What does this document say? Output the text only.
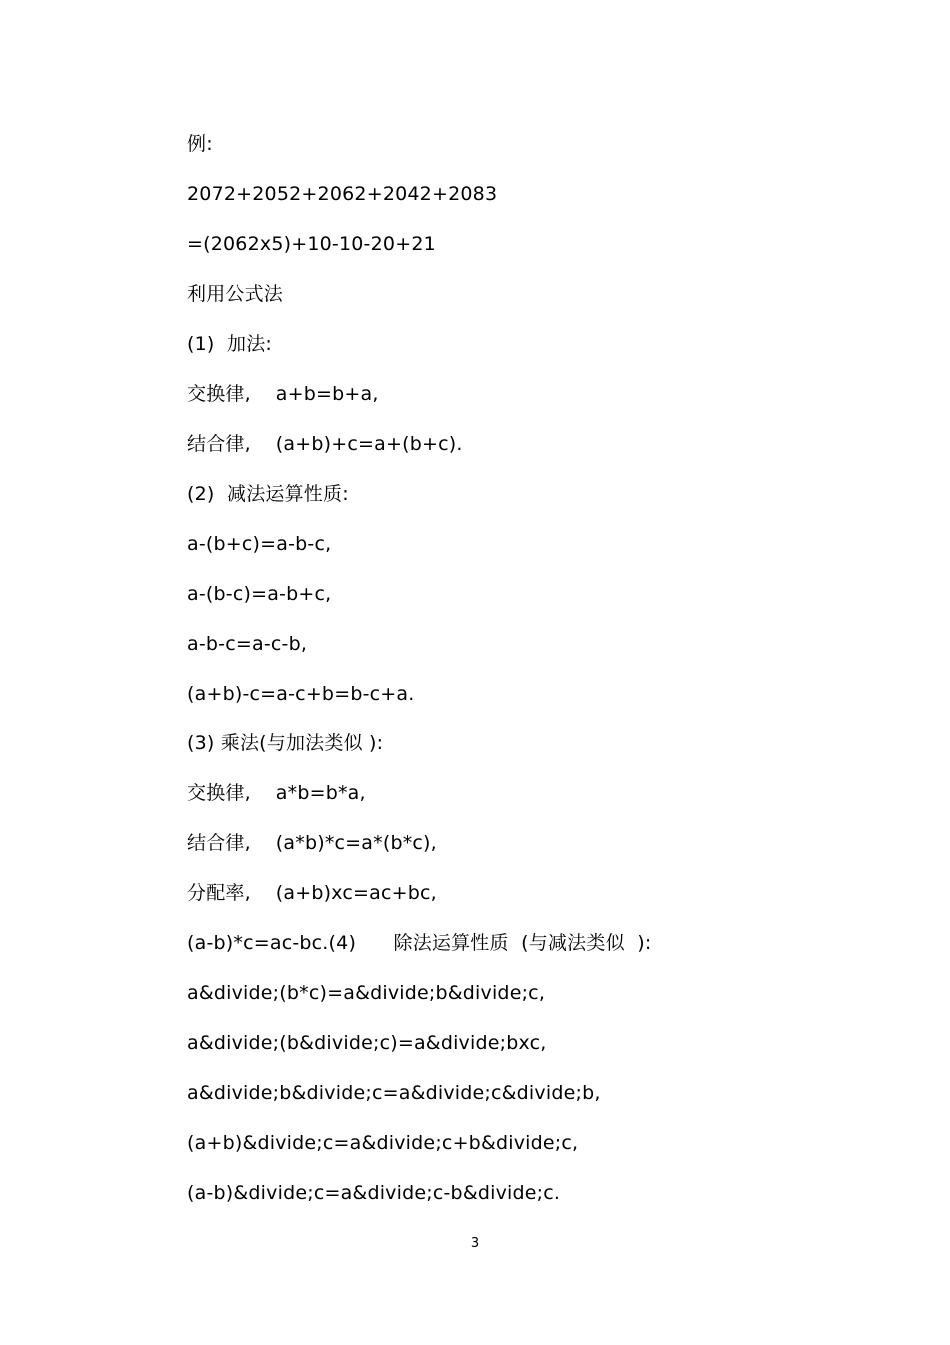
例:
2072+2052+2062+2042+2083
=(2062x5)+10-10-20+21
利用公式法
(1)  加法:
交换律,    a+b=b+a,
结合律,    (a+b)+c=a+(b+c).
(2)  减法运算性质:
a-(b+c)=a-b-c,
a-(b-c)=a-b+c,
a-b-c=a-c-b,
(a+b)-c=a-c+b=b-c+a.
(3) 乘法(与加法类似 ):
交换律,    a*b=b*a,
结合律,    (a*b)*c=a*(b*c),
分配率,    (a+b)xc=ac+bc,
(a-b)*c=ac-bc.(4)      除法运算性质  (与减法类似  ):
a&divide;(b*c)=a&divide;b&divide;c,
a&divide;(b&divide;c)=a&divide;bxc,
a&divide;b&divide;c=a&divide;c&divide;b,
(a+b)&divide;c=a&divide;c+b&divide;c,
(a-b)&divide;c=a&divide;c-b&divide;c.
3
